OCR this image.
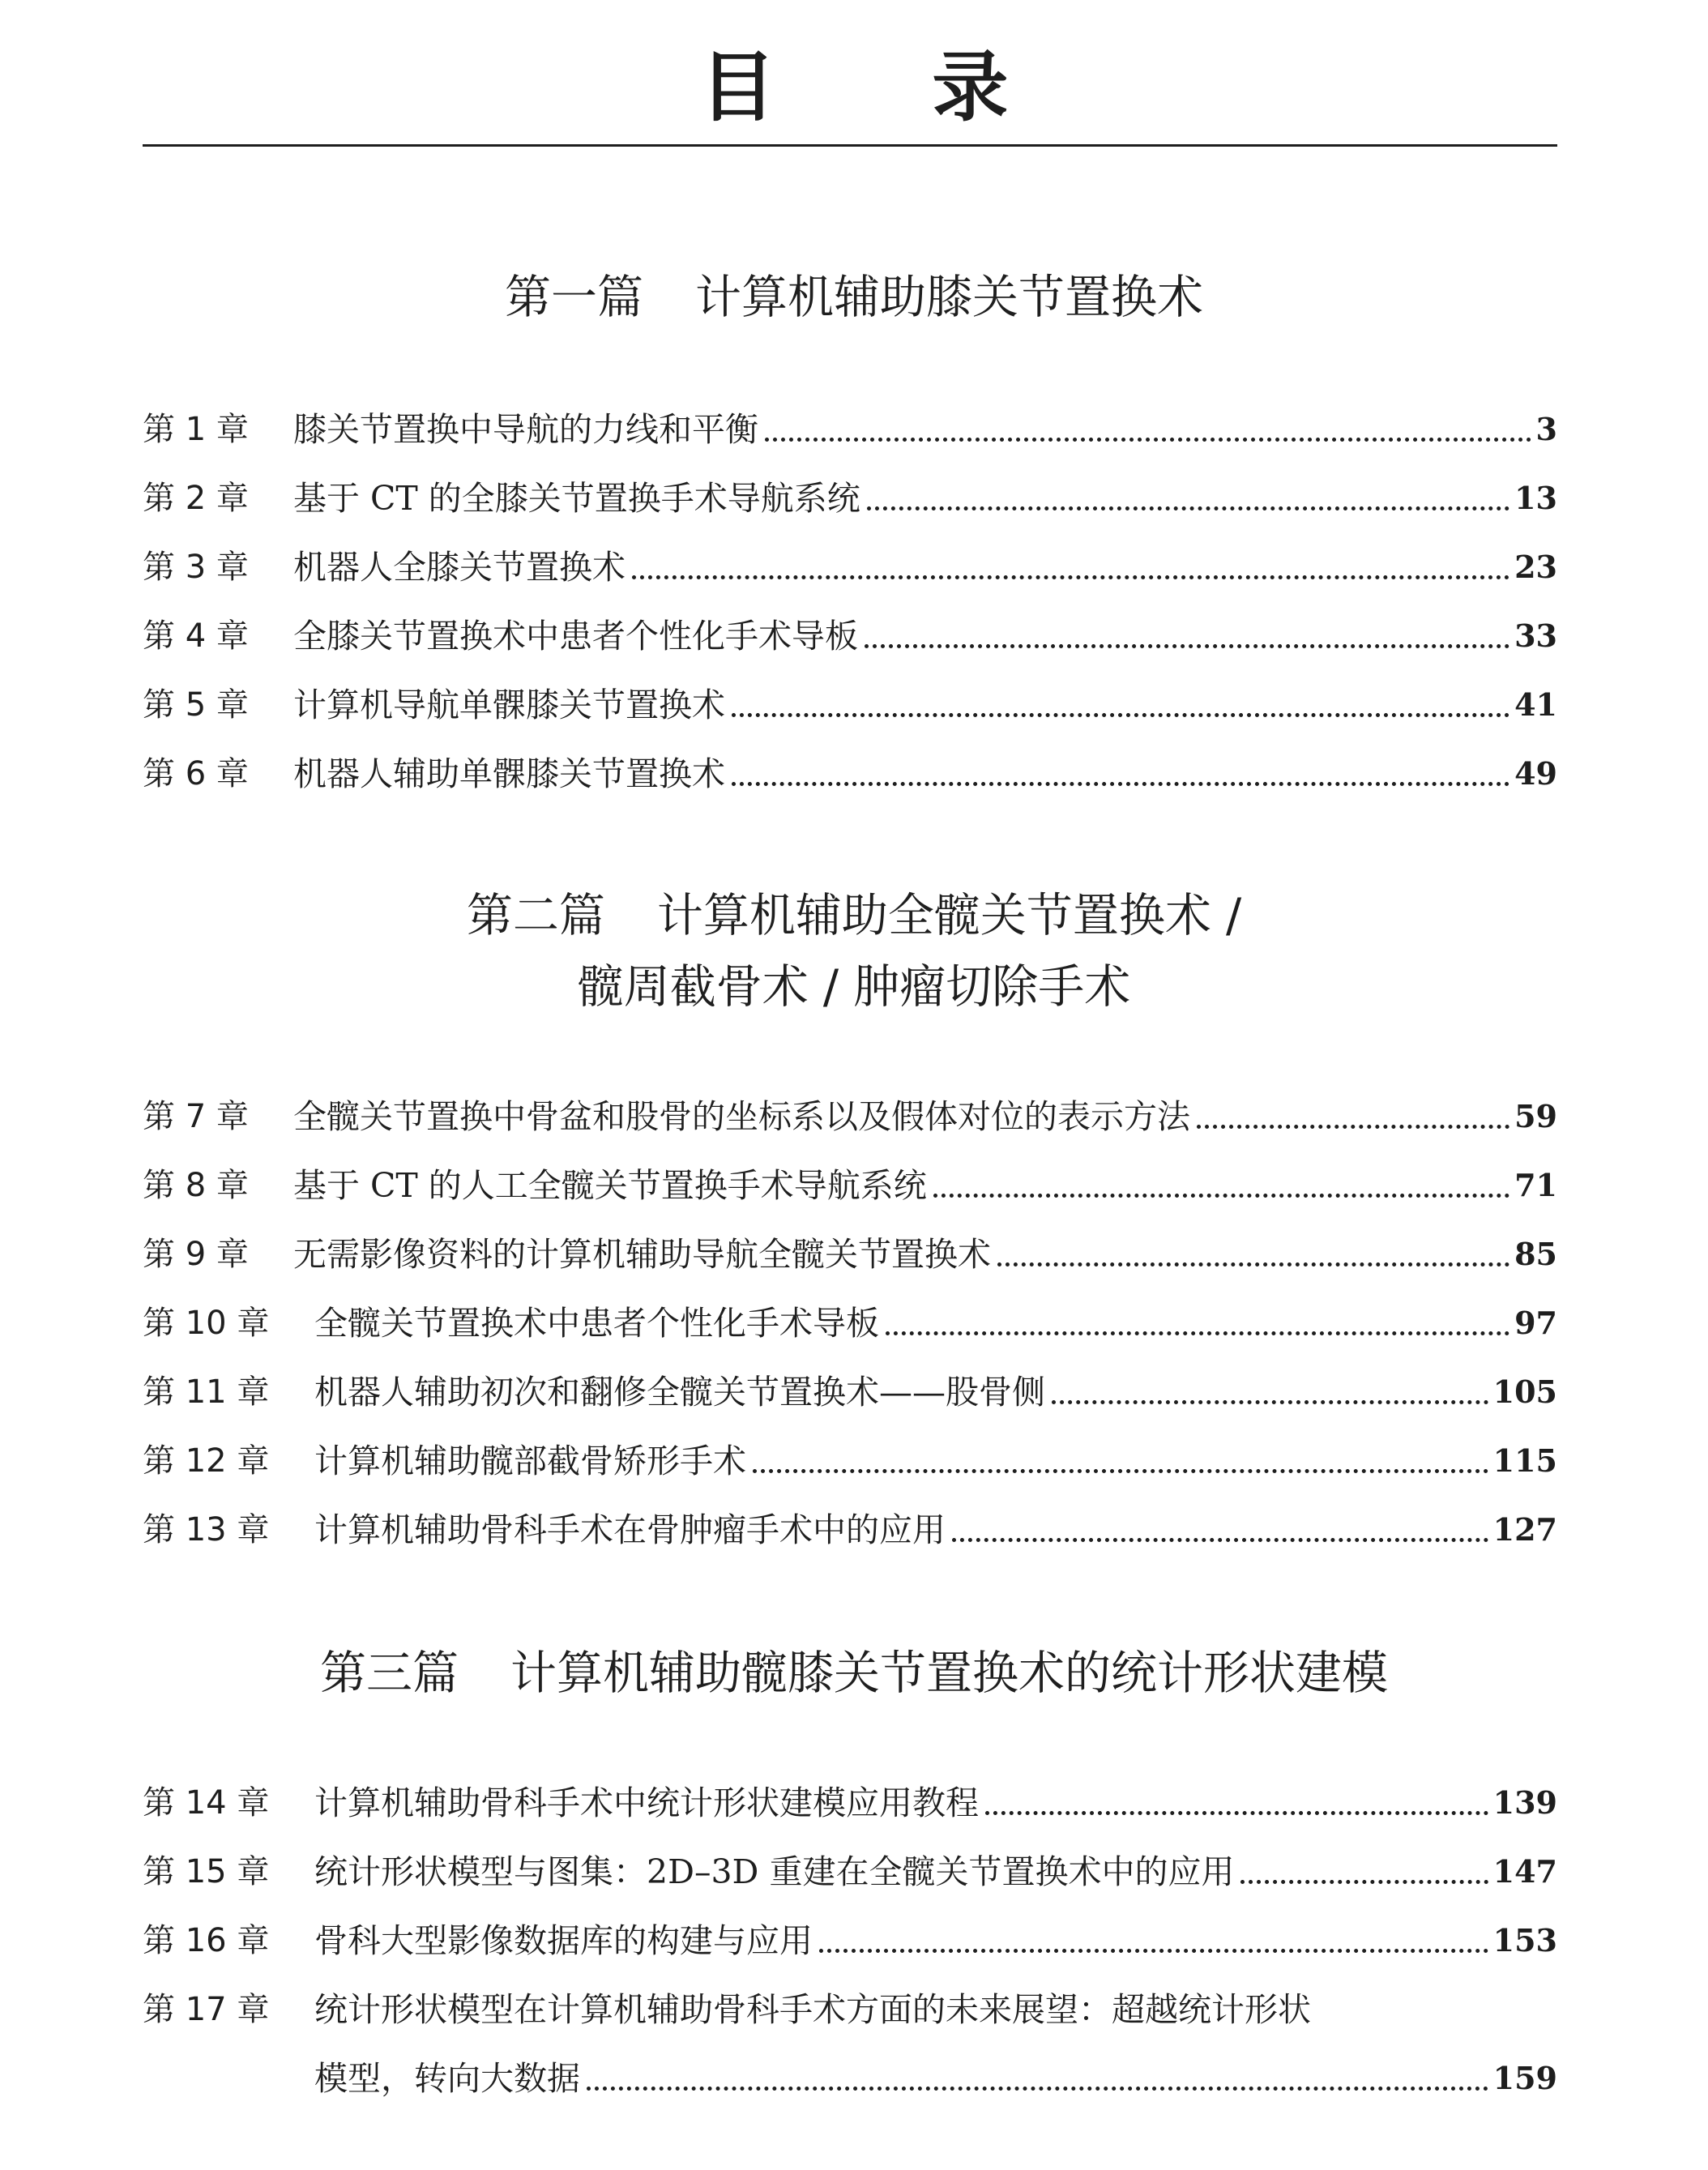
目 录
第一篇 计算机辅助膝关节置换术
第 1 章	膝关节置换中导航的力线和平衡	3
第 2 章	基于 CT 的全膝关节置换手术导航系统	13
第 3 章	机器人全膝关节置换术	23
第 4 章	全膝关节置换术中患者个性化手术导板	33
第 5 章	计算机导航单髁膝关节置换术	41
第 6 章	机器人辅助单髁膝关节置换术	49
第二篇 计算机辅助全髋关节置换术 /
髋周截骨术 / 肿瘤切除手术
第 7 章	全髋关节置换中骨盆和股骨的坐标系以及假体对位的表示方法	59
第 8 章	基于 CT 的人工全髋关节置换手术导航系统	71
第 9 章	无需影像资料的计算机辅助导航全髋关节置换术	85
第 10 章	全髋关节置换术中患者个性化手术导板	97
第 11 章	机器人辅助初次和翻修全髋关节置换术——股骨侧	105
第 12 章	计算机辅助髋部截骨矫形手术	115
第 13 章	计算机辅助骨科手术在骨肿瘤手术中的应用	127
第三篇 计算机辅助髋膝关节置换术的统计形状建模
第 14 章	计算机辅助骨科手术中统计形状建模应用教程	139
第 15 章	统计形状模型与图集：2D–3D 重建在全髋关节置换术中的应用	147
第 16 章	骨科大型影像数据库的构建与应用	153
第 17 章	统计形状模型在计算机辅助骨科手术方面的未来展望：超越统计形状
模型，转向大数据	159
